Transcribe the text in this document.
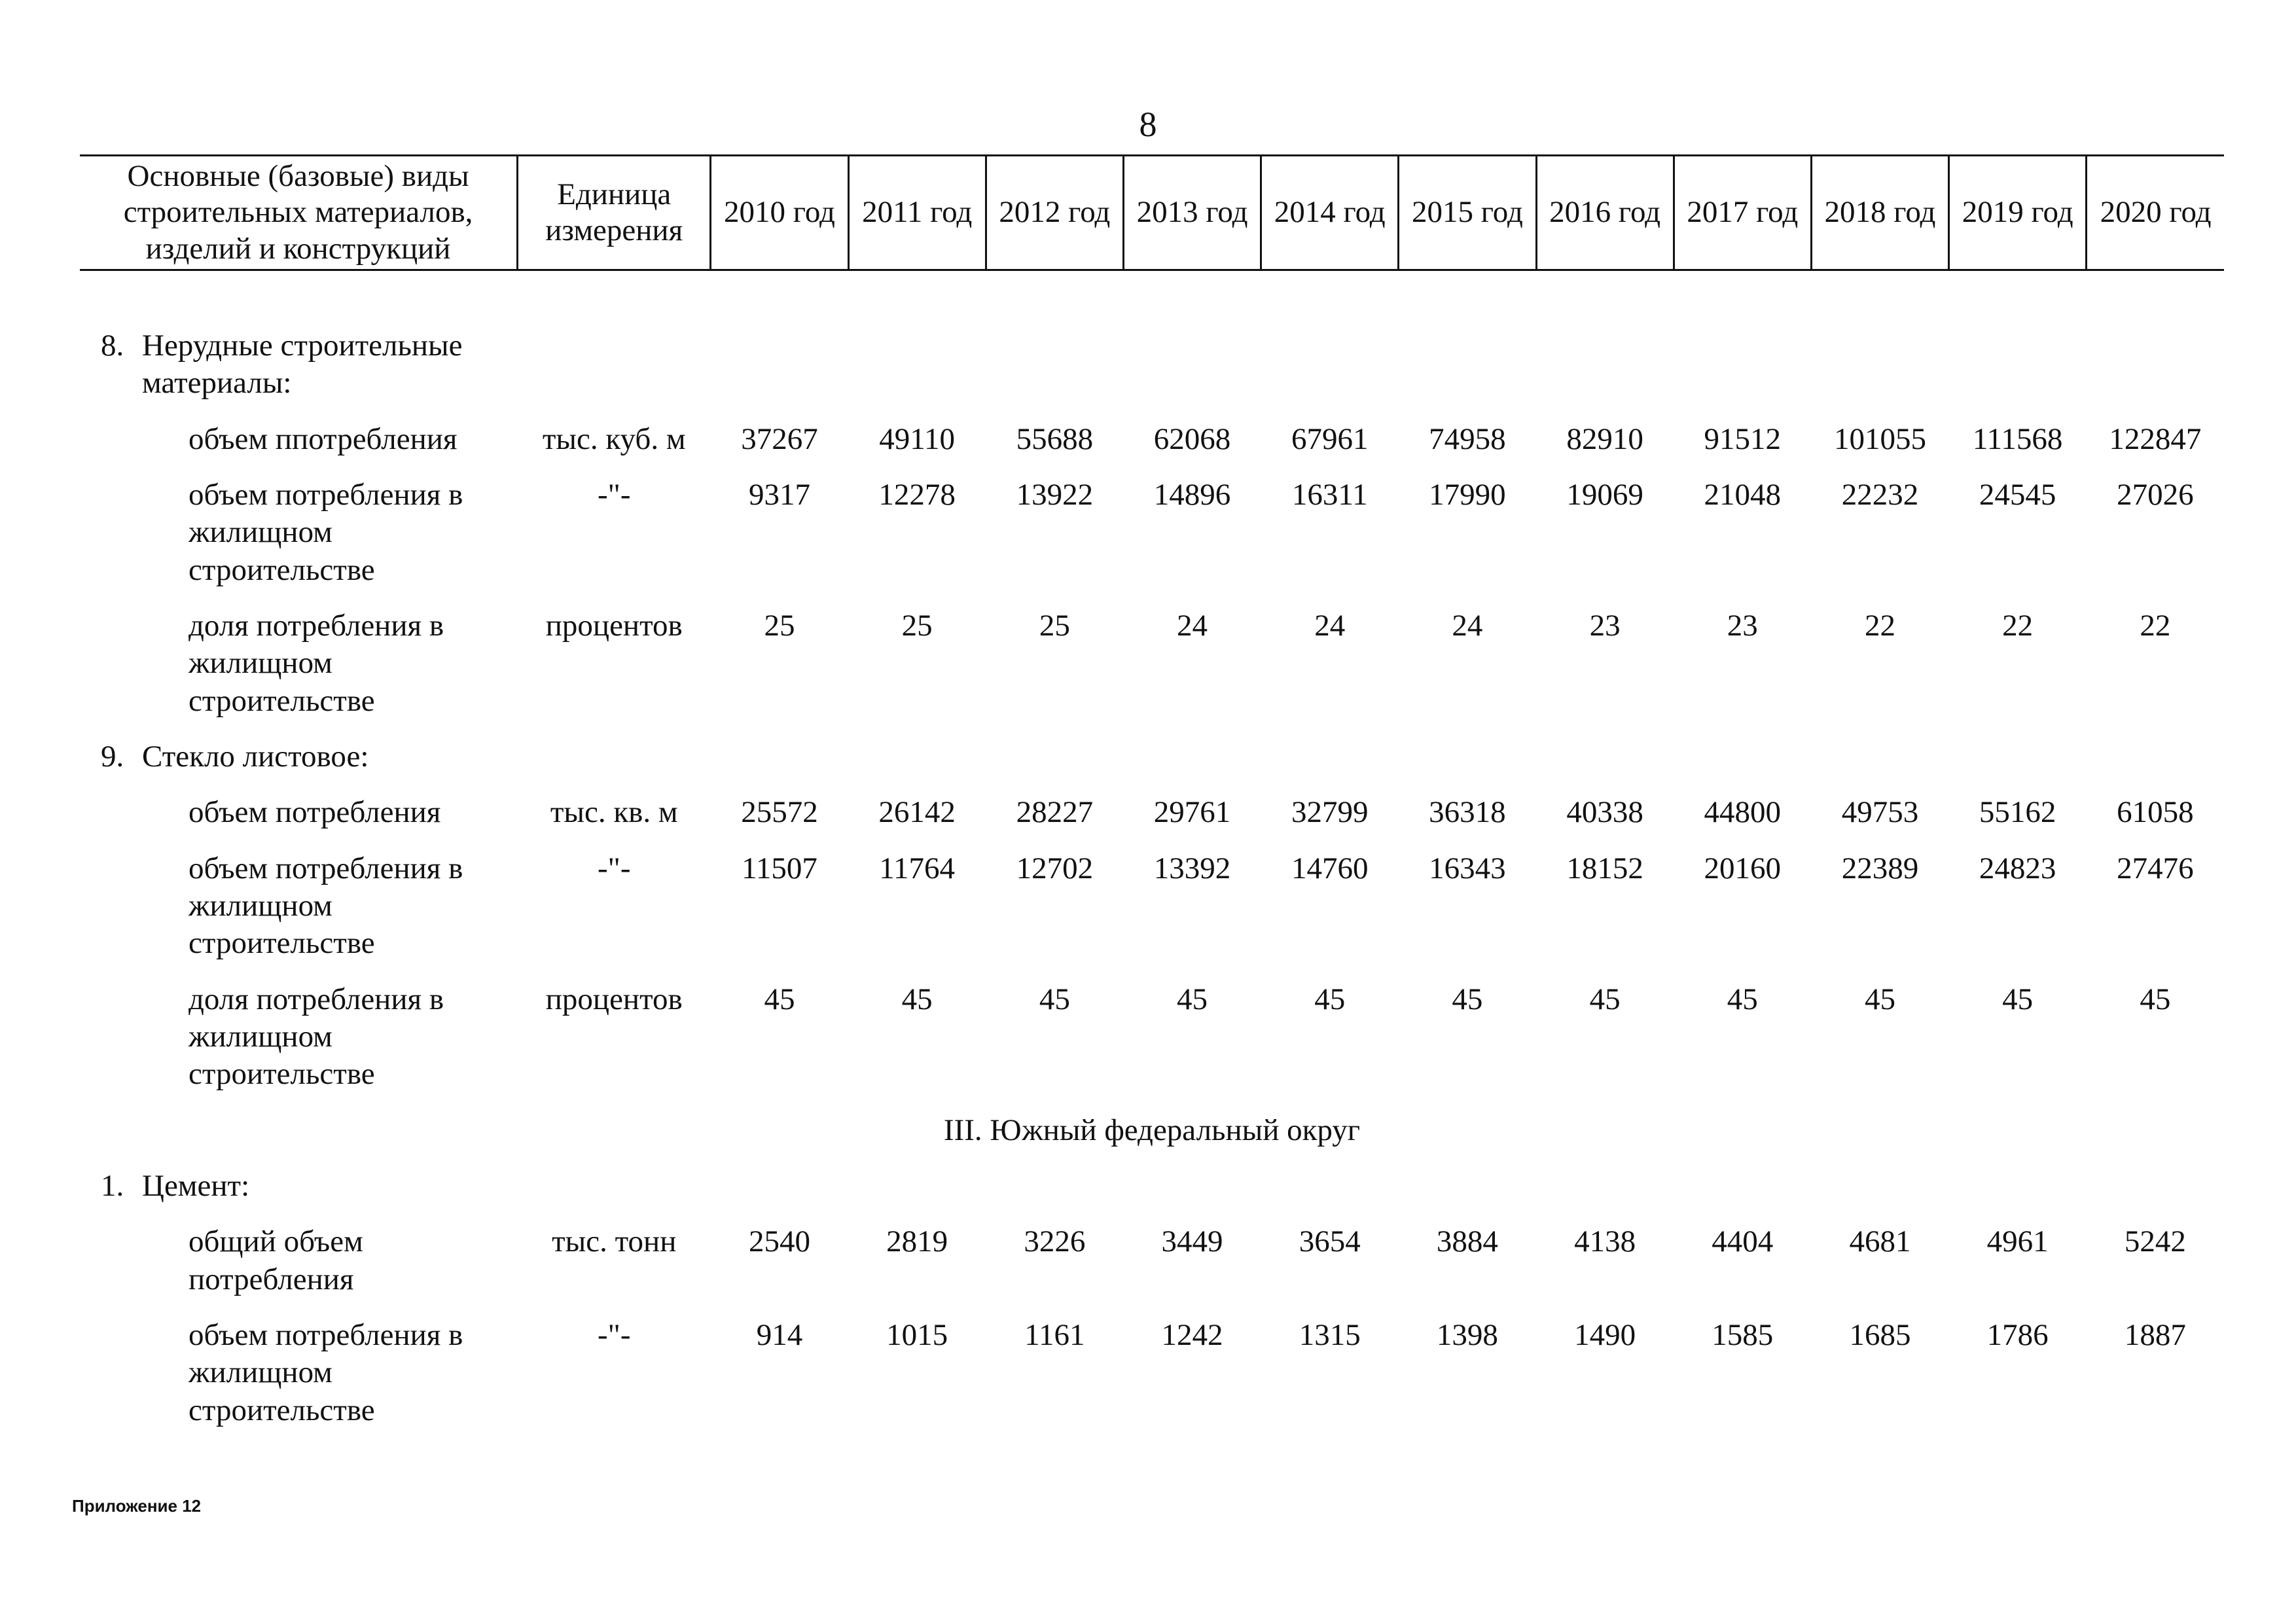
8
Основные (базовые) виды строительных материалов, изделий и конструкций	Единица измерения	2010 год	2011 год	2012 год	2013 год	2014 год	2015 год	2016 год	2017 год	2018 год	2019 год	2020 год

8. Нерудные строительные материалы:												

объем ппотребления	тыс. куб. м	37267	49110	55688	62068	67961	74958	82910	91512	101055	111568	122847
объем потребления в жилищном строительстве	-"-	9317	12278	13922	14896	16311	17990	19069	21048	22232	24545	27026
доля потребления в жилищном строительстве	процентов	25	25	25	24	24	24	23	23	22	22	22

9. Стекло листовое:												

объем потребления	тыс. кв. м	25572	26142	28227	29761	32799	36318	40338	44800	49753	55162	61058
объем потребления в жилищном строительстве	-"-	11507	11764	12702	13392	14760	16343	18152	20160	22389	24823	27476
доля потребления в жилищном строительстве	процентов	45	45	45	45	45	45	45	45	45	45	45
III. Южный федеральный округ												

1. Цемент:												

общий объем потребления	тыс. тонн	2540	2819	3226	3449	3654	3884	4138	4404	4681	4961	5242
объем потребления в жилищном строительстве	-"-	914	1015	1161	1242	1315	1398	1490	1585	1685	1786	1887
Приложение 12
